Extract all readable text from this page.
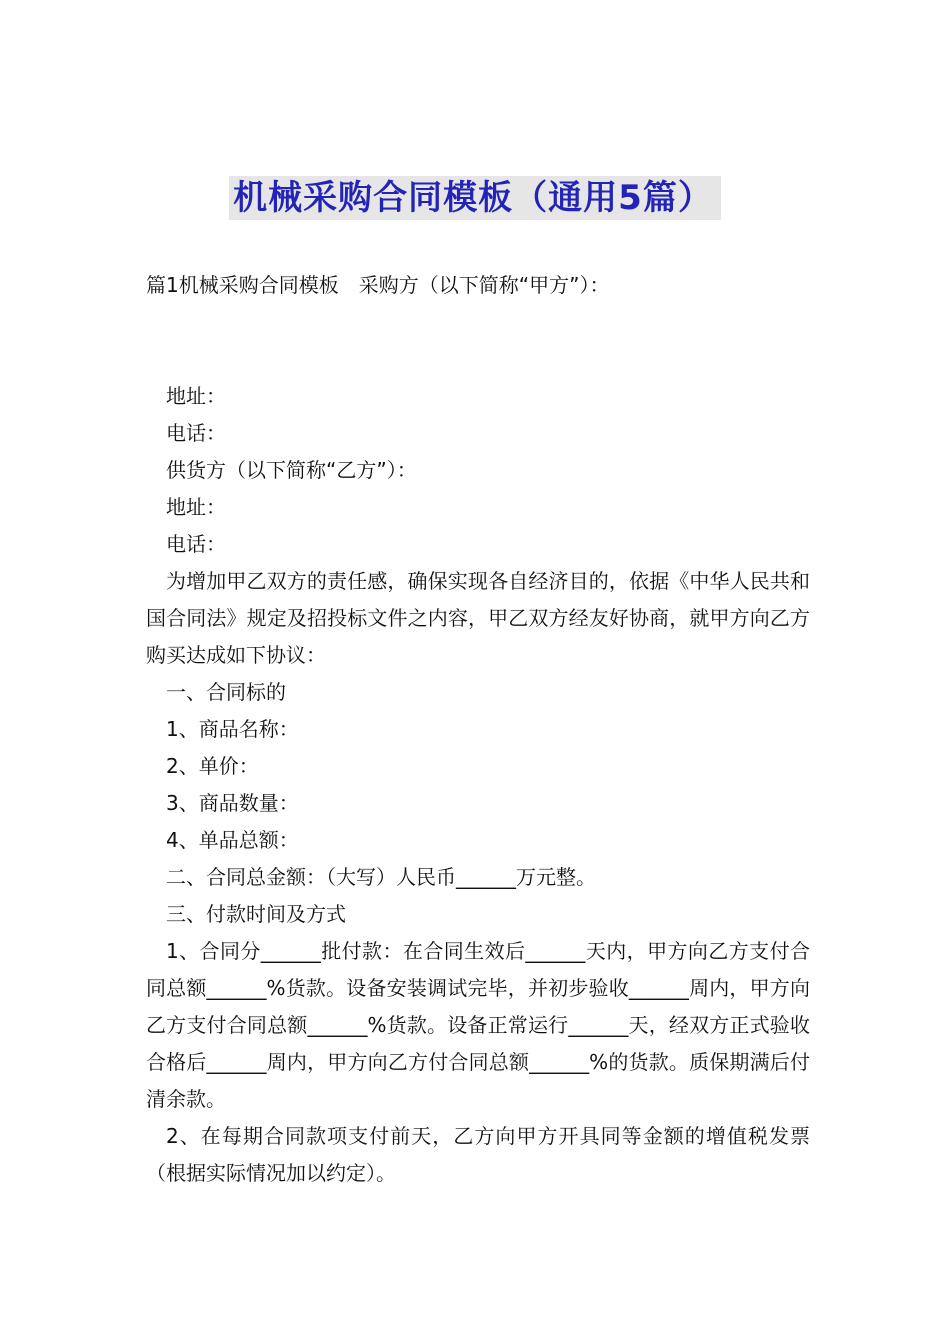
机械采购合同模板（通用5篇）
篇1机械采购合同模板　采购方（以下简称“甲方”）：
地址：
电话：
供货方（以下简称“乙方”）：
地址：
电话：
为增加甲乙双方的责任感，确保实现各自经济目的，依据《中华人民共和国合同法》规定及招投标文件之内容，甲乙双方经友好协商，就甲方向乙方购买达成如下协议：
一、合同标的
1、商品名称：
2、单价：
3、商品数量：
4、单品总额：
二、合同总金额：（大写）人民币______万元整。
三、付款时间及方式
1、合同分______批付款：在合同生效后______天内，甲方向乙方支付合同总额______%货款。设备安装调试完毕，并初步验收______周内，甲方向乙方支付合同总额______%货款。设备正常运行______天，经双方正式验收合格后______周内，甲方向乙方付合同总额______%的货款。质保期满后付清余款。
2、在每期合同款项支付前天，乙方向甲方开具同等金额的增值税发票（根据实际情况加以约定）。
